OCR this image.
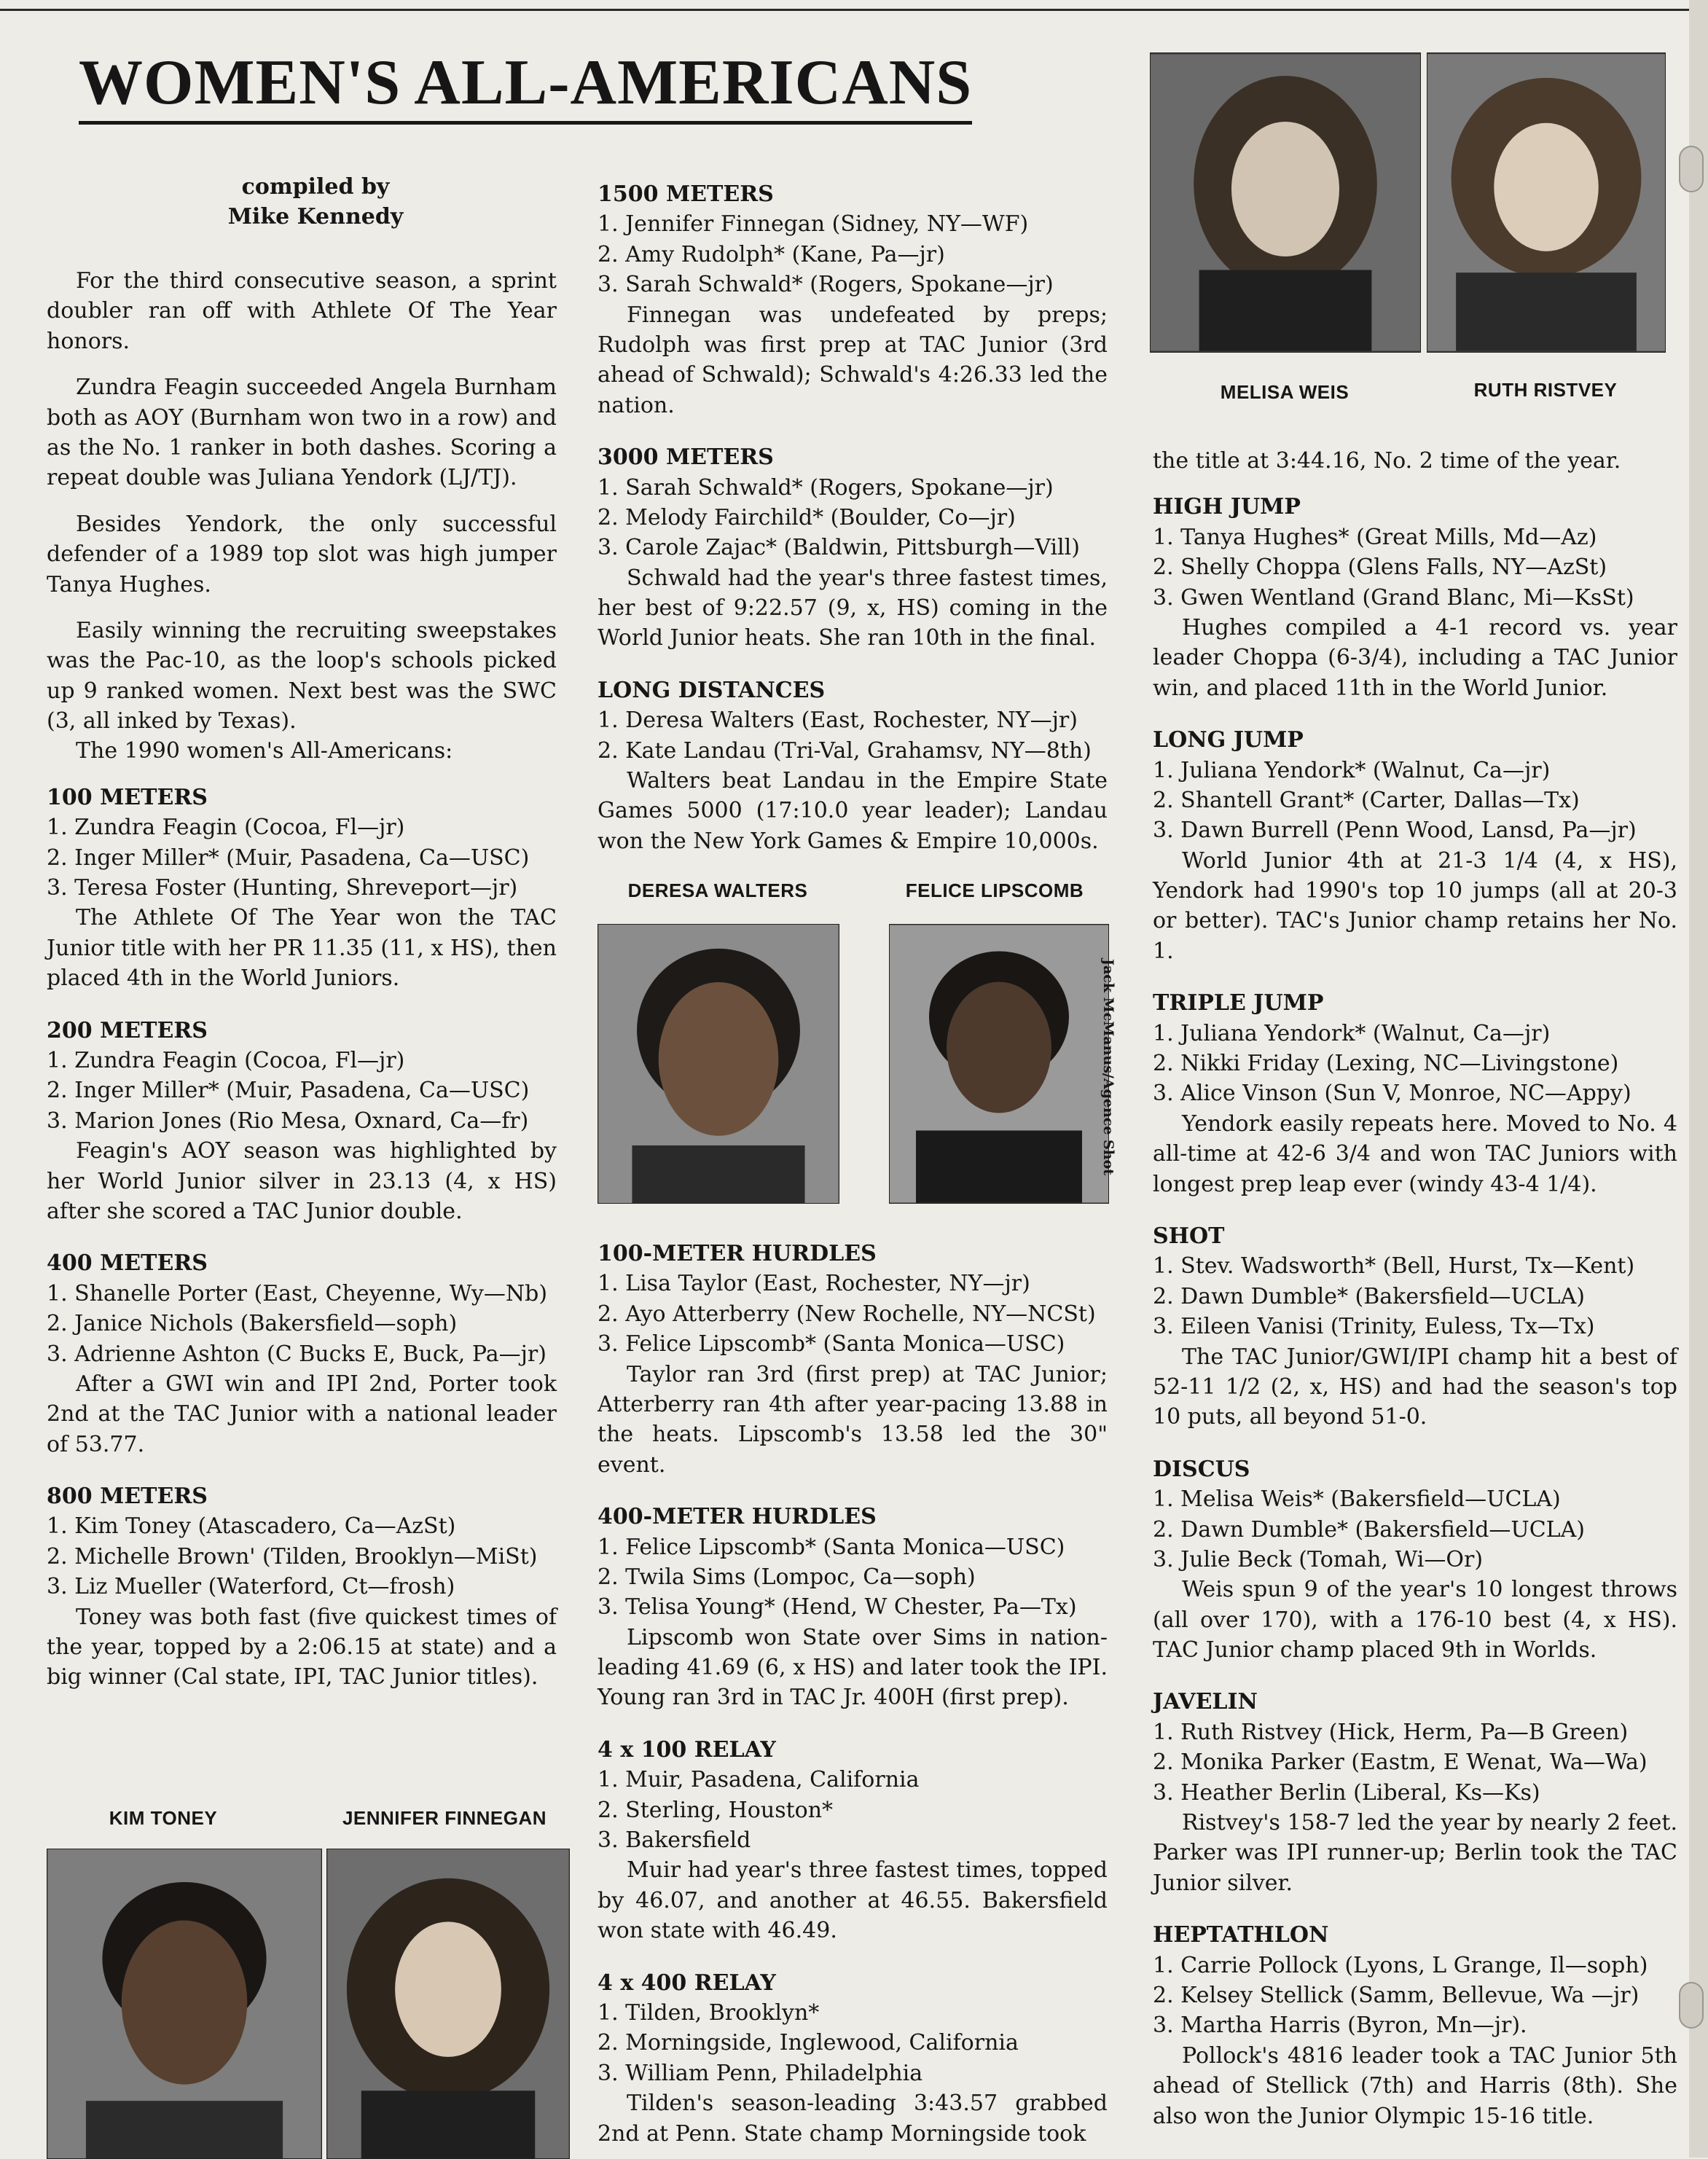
WOMEN'S ALL-AMERICANS
compiled by
Mike Kennedy

For the third consecutive season, a sprint doubler ran off with Athlete Of The Year honors.

Zundra Feagin succeeded Angela Burnham both as AOY (Burnham won two in a row) and as the No. 1 ranker in both dashes. Scoring a repeat double was Juliana Yendork (LJ/TJ).

Besides Yendork, the only successful defender of a 1989 top slot was high jumper Tanya Hughes.

Easily winning the recruiting sweepstakes was the Pac-10, as the loop's schools picked up 9 ranked women. Next best was the SWC (3, all inked by Texas).

The 1990 women's All-Americans:

100 METERS

1. Zundra Feagin (Cocoa, Fl—jr)

2. Inger Miller* (Muir, Pasadena, Ca—USC)

3. Teresa Foster (Hunting, Shreveport—jr)

The Athlete Of The Year won the TAC Junior title with her PR 11.35 (11, x HS), then placed 4th in the World Juniors.

200 METERS

1. Zundra Feagin (Cocoa, Fl—jr)

2. Inger Miller* (Muir, Pasadena, Ca—USC)

3. Marion Jones (Rio Mesa, Oxnard, Ca—fr)

Feagin's AOY season was highlighted by her World Junior silver in 23.13 (4, x HS) after she scored a TAC Junior double.

400 METERS

1. Shanelle Porter (East, Cheyenne, Wy—Nb)

2. Janice Nichols (Bakersfield—soph)

3. Adrienne Ashton (C Bucks E, Buck, Pa—jr)

After a GWI win and IPI 2nd, Porter took 2nd at the TAC Junior with a national leader of 53.77.

800 METERS

1. Kim Toney (Atascadero, Ca—AzSt)

2. Michelle Brown' (Tilden, Brooklyn—MiSt)

3. Liz Mueller (Waterford, Ct—frosh)

Toney was both fast (five quickest times of the year, topped by a 2:06.15 at state) and a big winner (Cal state, IPI, TAC Junior titles).

1500 METERS

1. Jennifer Finnegan (Sidney, NY—WF)

2. Amy Rudolph* (Kane, Pa—jr)

3. Sarah Schwald* (Rogers, Spokane—jr)

Finnegan was undefeated by preps; Rudolph was first prep at TAC Junior (3rd ahead of Schwald); Schwald's 4:26.33 led the nation.

3000 METERS

1. Sarah Schwald* (Rogers, Spokane—jr)

2. Melody Fairchild* (Boulder, Co—jr)

3. Carole Zajac* (Baldwin, Pittsburgh—Vill)

Schwald had the year's three fastest times, her best of 9:22.57 (9, x, HS) coming in the World Junior heats. She ran 10th in the final.

LONG DISTANCES

1. Deresa Walters (East, Rochester, NY—jr)

2. Kate Landau (Tri-Val, Grahamsv, NY—8th)

Walters beat Landau in the Empire State Games 5000 (17:10.0 year leader); Landau won the New York Games & Empire 10,000s.

100-METER HURDLES

1. Lisa Taylor (East, Rochester, NY—jr)

2. Ayo Atterberry (New Rochelle, NY—NCSt)

3. Felice Lipscomb* (Santa Monica—USC)

Taylor ran 3rd (first prep) at TAC Junior; Atterberry ran 4th after year-pacing 13.88 in the heats. Lipscomb's 13.58 led the 30" event.

400-METER HURDLES

1. Felice Lipscomb* (Santa Monica—USC)

2. Twila Sims (Lompoc, Ca—soph)

3. Telisa Young* (Hend, W Chester, Pa—Tx)

Lipscomb won State over Sims in nation-leading 41.69 (6, x HS) and later took the IPI. Young ran 3rd in TAC Jr. 400H (first prep).

4 x 100 RELAY

1. Muir, Pasadena, California

2. Sterling, Houston*

3. Bakersfield

Muir had year's three fastest times, topped by 46.07, and another at 46.55. Bakersfield won state with 46.49.

4 x 400 RELAY

1. Tilden, Brooklyn*

2. Morningside, Inglewood, California

3. William Penn, Philadelphia

Tilden's season-leading 3:43.57 grabbed 2nd at Penn. State champ Morningside took

the title at 3:44.16, No. 2 time of the year.

HIGH JUMP

1. Tanya Hughes* (Great Mills, Md—Az)

2. Shelly Choppa (Glens Falls, NY—AzSt)

3. Gwen Wentland (Grand Blanc, Mi—KsSt)

Hughes compiled a 4-1 record vs. year leader Choppa (6-3/4), including a TAC Junior win, and placed 11th in the World Junior.

LONG JUMP

1. Juliana Yendork* (Walnut, Ca—jr)

2. Shantell Grant* (Carter, Dallas—Tx)

3. Dawn Burrell (Penn Wood, Lansd, Pa—jr)

World Junior 4th at 21-3 1/4 (4, x HS), Yendork had 1990's top 10 jumps (all at 20-3 or better). TAC's Junior champ retains her No. 1.

TRIPLE JUMP

1. Juliana Yendork* (Walnut, Ca—jr)

2. Nikki Friday (Lexing, NC—Livingstone)

3. Alice Vinson (Sun V, Monroe, NC—Appy)

Yendork easily repeats here. Moved to No. 4 all-time at 42-6 3/4 and won TAC Juniors with longest prep leap ever (windy 43-4 1/4).

SHOT

1. Stev. Wadsworth* (Bell, Hurst, Tx—Kent)

2. Dawn Dumble* (Bakersfield—UCLA)

3. Eileen Vanisi (Trinity, Euless, Tx—Tx)

The TAC Junior/GWI/IPI champ hit a best of 52-11 1/2 (2, x, HS) and had the season's top 10 puts, all beyond 51-0.

DISCUS

1. Melisa Weis* (Bakersfield—UCLA)

2. Dawn Dumble* (Bakersfield—UCLA)

3. Julie Beck (Tomah, Wi—Or)

Weis spun 9 of the year's 10 longest throws (all over 170), with a 176-10 best (4, x HS). TAC Junior champ placed 9th in Worlds.

JAVELIN

1. Ruth Ristvey (Hick, Herm, Pa—B Green)

2. Monika Parker (Eastm, E Wenat, Wa—Wa)

3. Heather Berlin (Liberal, Ks—Ks)

Ristvey's 158-7 led the year by nearly 2 feet. Parker was IPI runner-up; Berlin took the TAC Junior silver.

HEPTATHLON

1. Carrie Pollock (Lyons, L Grange, Il—soph)

2. Kelsey Stellick (Samm, Bellevue, Wa —jr)

3. Martha Harris (Byron, Mn—jr).

Pollock's 4816 leader took a TAC Junior 5th ahead of Stellick (7th) and Harris (8th). She also won the Junior Olympic 15-16 title.

MELISA WEIS	RUTH RISTVEY
DERESA WALTERS	FELICE LIPSCOMB
Jack McManus/Agence Shot
KIM TONEY	JENNIFER FINNEGAN
